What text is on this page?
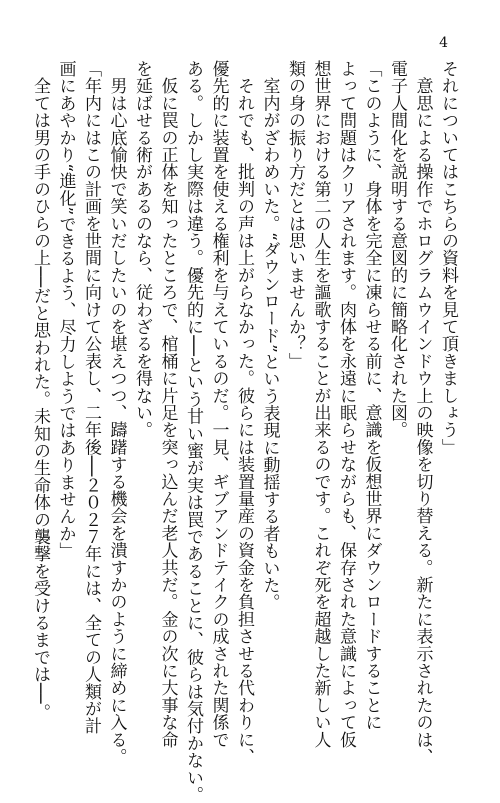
4
それについてはこちらの資料を見て頂きましょう」
　意思による操作でホログラムウインドウ上の映像を切り替える。新たに表示されたのは、
電子人間化を説明する意図的に簡略化された図。
「このように、身体を完全に凍らせる前に、意識を仮想世界にダウンロードすることに
よって問題はクリアされます。肉体を永遠に眠らせながらも、保存された意識によって仮
想世界における第二の人生を謳歌することが出来るのです。これぞ死を超越した新しい人
類の身の振り方だとは思いませんか？」
　室内がざわめいた。“ダウンロード”という表現に動揺する者もいた。
　それでも、批判の声は上がらなかった。彼らには装置量産の資金を負担させる代わりに、
優先的に装置を使える権利を与えているのだ。一見、ギブアンドテイクの成された関係で
ある。しかし実際は違う。優先的に──という甘い蜜が実は罠であることに、彼らは気付かない。
　仮に罠の正体を知ったところで、棺桶に片足を突っ込んだ老人共だ。金の次に大事な命
を延ばせる術があるのなら、従わざるを得ない。
　男は心底愉快で笑いだしたいのを堪えつつ、躊躇する機会を潰すかのように締めに入る。
「年内にはこの計画を世間に向けて公表し、二年後──２０２７年には、全ての人類が計
画にあやかり“進化”できるよう、尽力しようではありませんか」
　全ては男の手のひらの上──だと思われた。未知の生命体の襲撃を受けるまでは──。
